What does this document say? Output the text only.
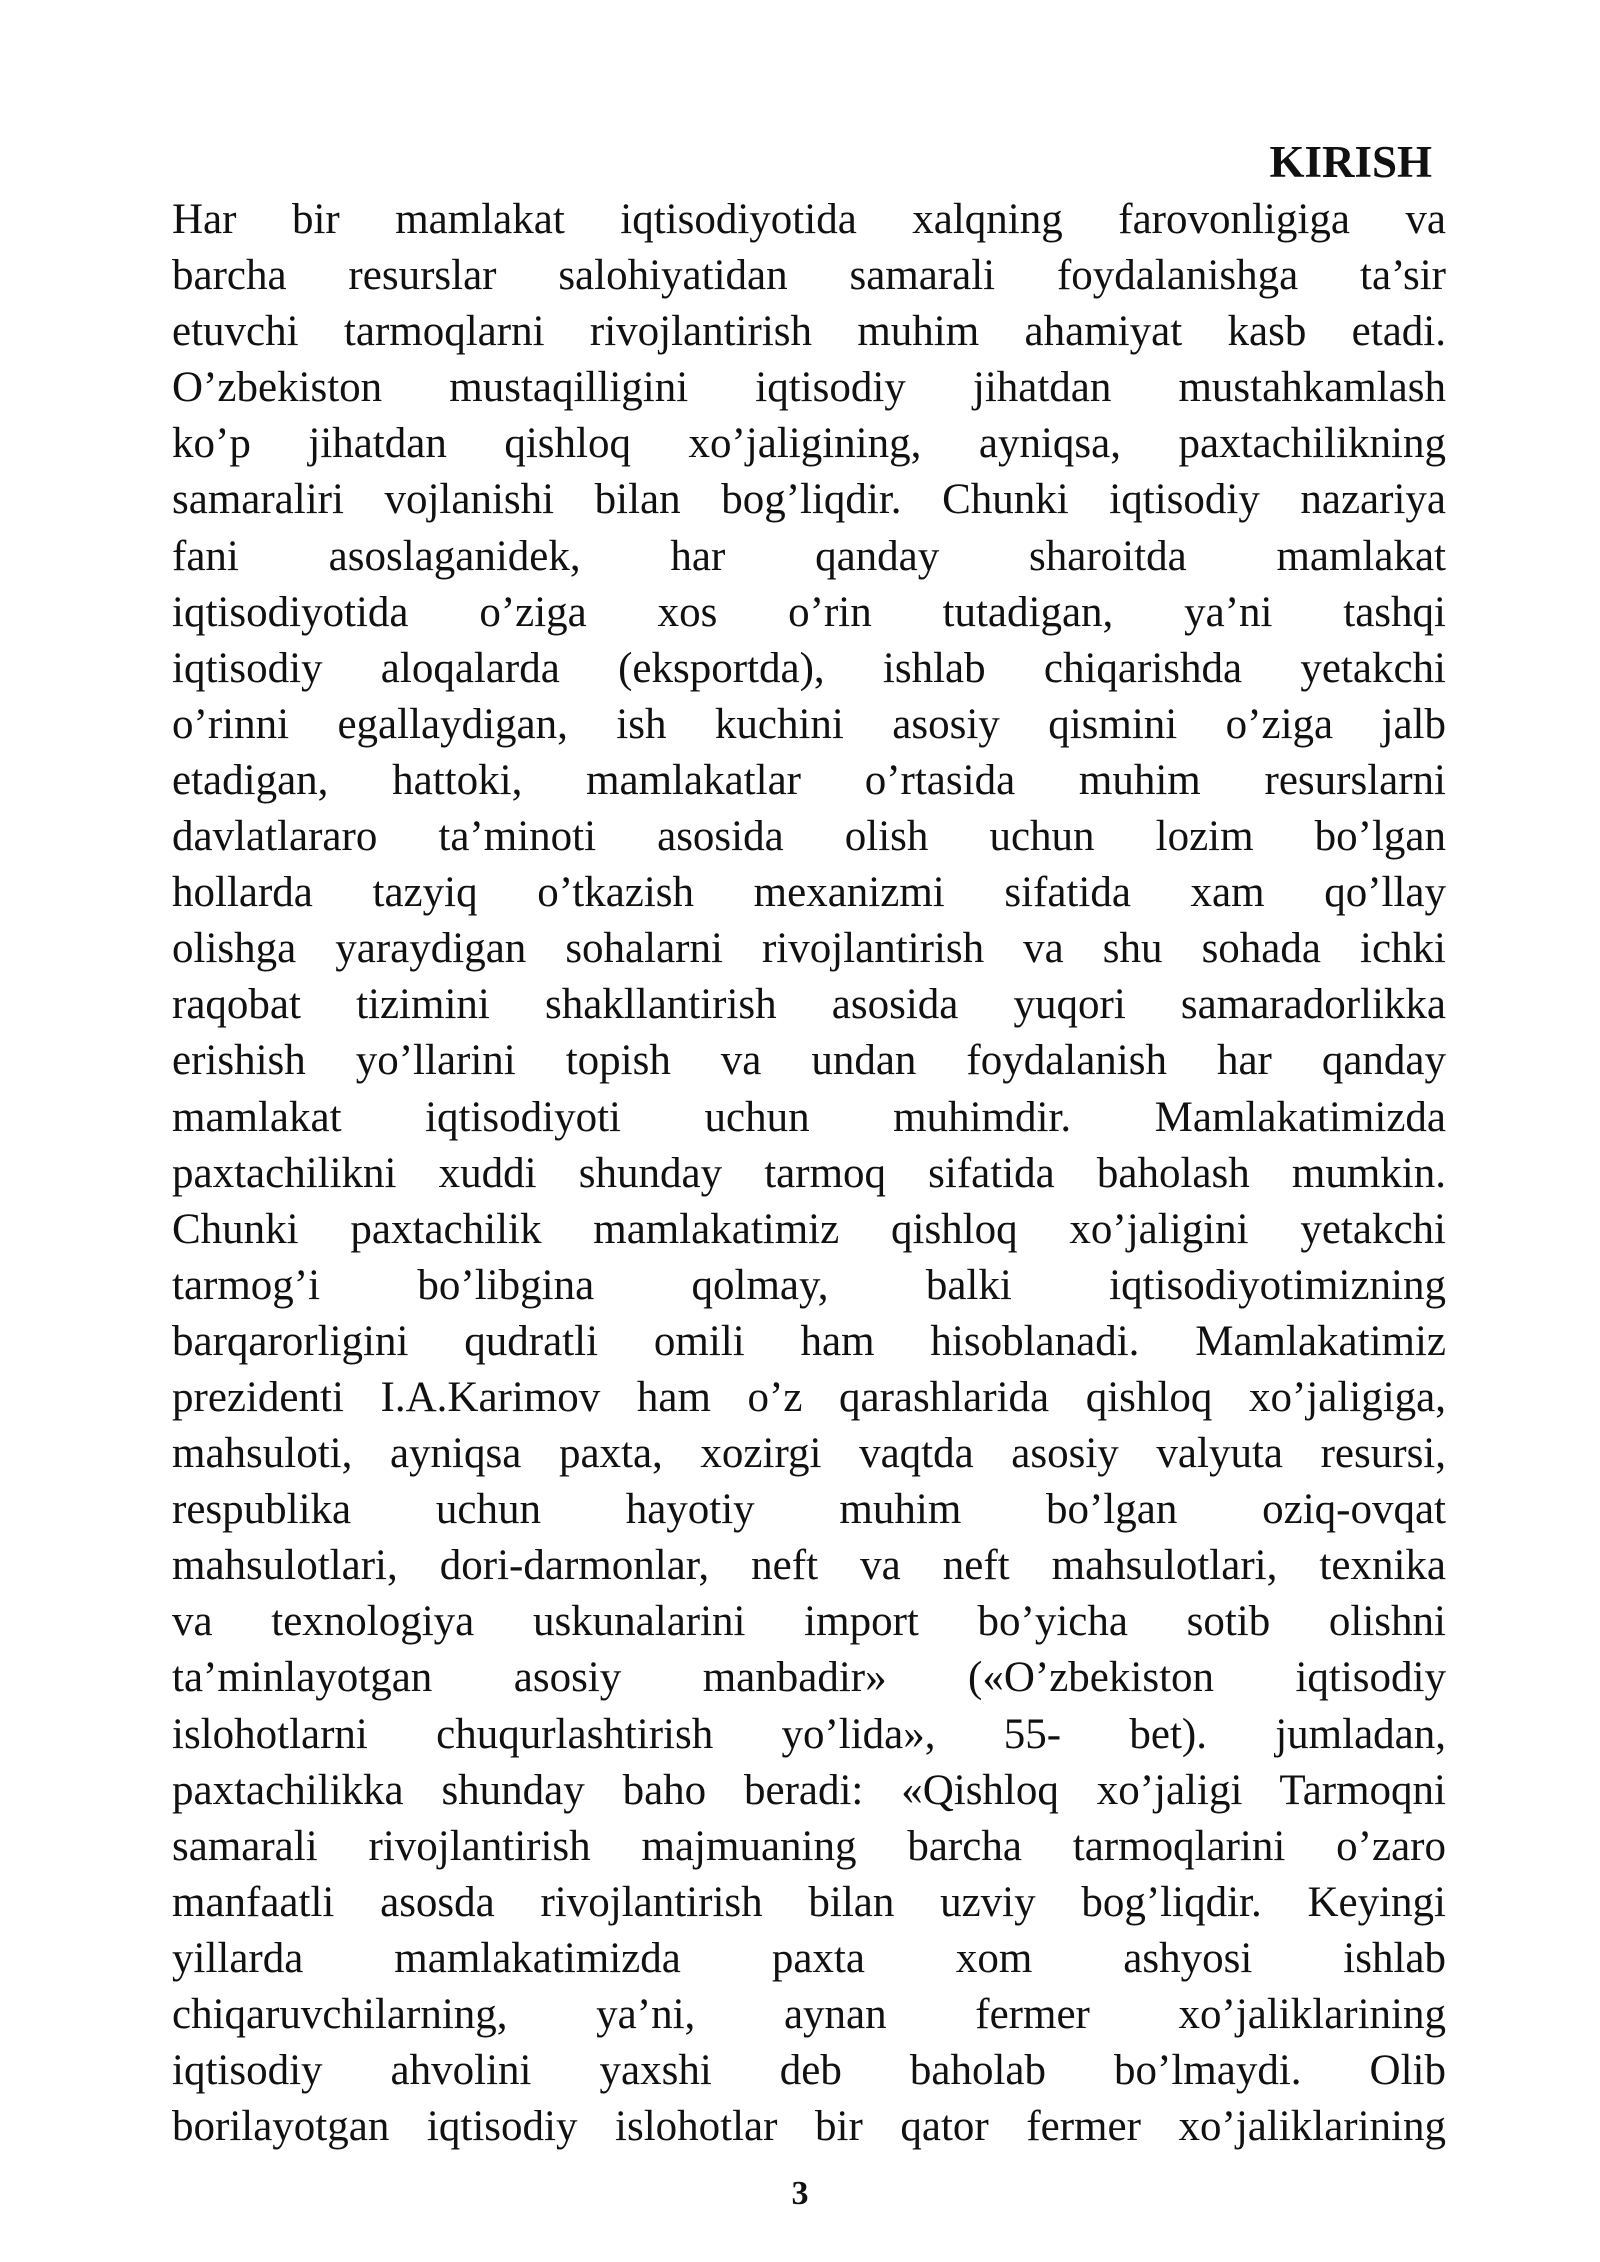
KIRISH
Har bir mamlakat iqtisodiyotida xalqning farovonligiga va
barcha resurslar salohiyatidan samarali foydalanishga ta’sir
etuvchi tarmoqlarni rivojlantirish muhim ahamiyat kasb etadi.
O’zbekiston mustaqilligini iqtisodiy jihatdan mustahkamlash
ko’p jihatdan qishloq xo’jaligining, ayniqsa, paxtachilikning
samaraliri vojlanishi bilan bog’liqdir. Chunki iqtisodiy nazariya
fani asoslaganidek, har qanday sharoitda mamlakat
iqtisodiyotida o’ziga xos o’rin tutadigan, ya’ni tashqi
iqtisodiy aloqalarda (eksportda), ishlab chiqarishda yetakchi
o’rinni egallaydigan, ish kuchini asosiy qismini o’ziga jalb
etadigan, hattoki, mamlakatlar o’rtasida muhim resurslarni
davlatlararo ta’minoti asosida olish uchun lozim bo’lgan
hollarda tazyiq o’tkazish mexanizmi sifatida xam qo’llay
olishga yaraydigan sohalarni rivojlantirish va shu sohada ichki
raqobat tizimini shakllantirish asosida yuqori samaradorlikka
erishish yo’llarini topish va undan foydalanish har qanday
mamlakat iqtisodiyoti uchun muhimdir. Mamlakatimizda
paxtachilikni xuddi shunday tarmoq sifatida baholash mumkin.
Chunki paxtachilik mamlakatimiz qishloq xo’jaligini yetakchi
tarmog’i bo’libgina qolmay, balki iqtisodiyotimizning
barqarorligini qudratli omili ham hisoblanadi. Mamlakatimiz
prezidenti I.A.Karimov ham o’z qarashlarida qishloq xo’jaligiga,
mahsuloti, ayniqsa paxta, xozirgi vaqtda asosiy valyuta resursi,
respublika uchun hayotiy muhim bo’lgan oziq-ovqat
mahsulotlari, dori-darmonlar, neft va neft mahsulotlari, texnika
va texnologiya uskunalarini import bo’yicha sotib olishni
ta’minlayotgan asosiy manbadir» («O’zbekiston iqtisodiy
islohotlarni chuqurlashtirish yo’lida», 55- bet). jumladan,
paxtachilikka shunday baho beradi: «Qishloq xo’jaligi Tarmoqni
samarali rivojlantirish majmuaning barcha tarmoqlarini o’zaro
manfaatli asosda rivojlantirish bilan uzviy bog’liqdir. Keyingi
yillarda mamlakatimizda paxta xom ashyosi ishlab
chiqaruvchilarning, ya’ni, aynan fermer xo’jaliklarining
iqtisodiy ahvolini yaxshi deb baholab bo’lmaydi. Olib
borilayotgan iqtisodiy islohotlar bir qator fermer xo’jaliklarining
3
